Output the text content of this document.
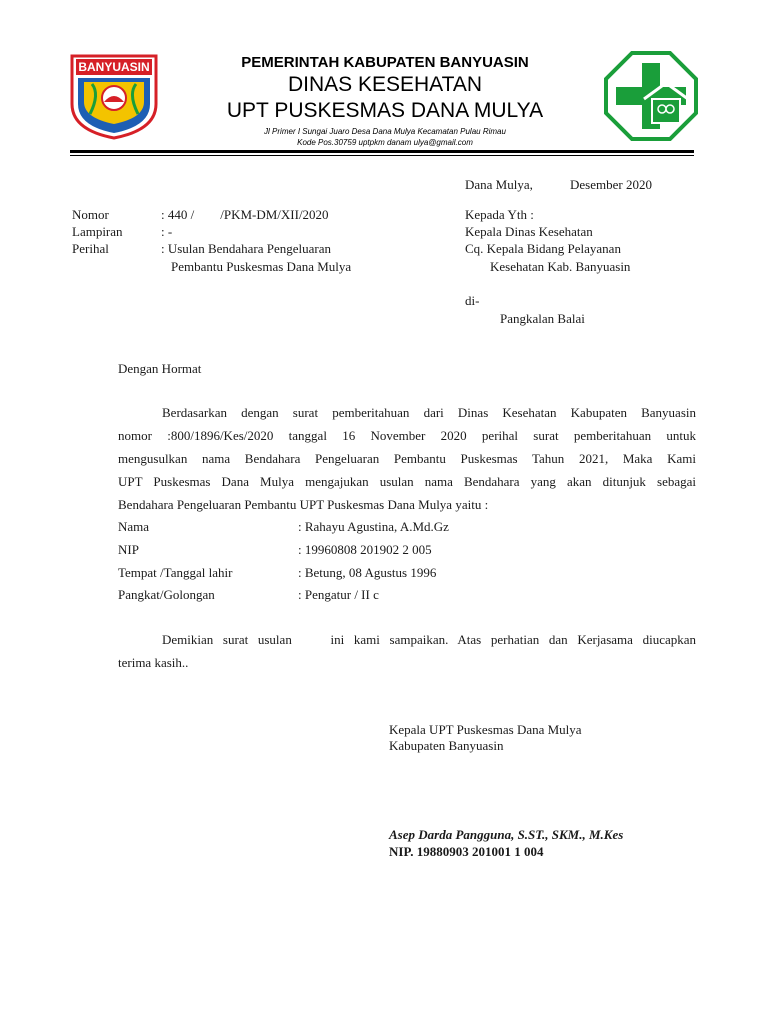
BANYUASIN	PEMERINTAH KABUPATEN BANYUASIN
DINAS KESEHATAN
UPT PUSKESMAS DANA MULYA
Jl Primer I Sungai Juaro Desa Dana Mulya Kecamatan Pulau Rimau
Kode Pos.30759 uptpkm danam ulya@gmail.com
Dana Mulya,	Desember 2020
Nomor	: 440 /        /PKM-DM/XII/2020
Lampiran	: -
Perihal	: Usulan Bendahara Pengeluaran
Pembantu Puskesmas Dana Mulya
Kepada Yth :
Kepala Dinas Kesehatan
Cq. Kepala Bidang Pelayanan
Kesehatan Kab. Banyuasin
di-
Pangkalan Balai
Dengan Hormat
Berdasarkan dengan surat pemberitahuan dari Dinas Kesehatan Kabupaten Banyuasin
nomor :800/1896/Kes/2020 tanggal 16 November 2020 perihal surat pemberitahuan untuk
mengusulkan nama Bendahara Pengeluaran Pembantu Puskesmas Tahun 2021, Maka Kami
UPT Puskesmas Dana Mulya mengajukan usulan nama Bendahara yang akan ditunjuk sebagai
Bendahara Pengeluaran Pembantu UPT Puskesmas Dana Mulya yaitu :
Nama	: Rahayu Agustina, A.Md.Gz
NIP	: 19960808 201902 2 005
Tempat /Tanggal lahir	: Betung, 08 Agustus 1996
Pangkat/Golongan	: Pengatur / II c
Demikian surat usulan    ini kami sampaikan. Atas perhatian dan Kerjasama diucapkan
terima kasih..
Kepala UPT Puskesmas Dana Mulya
Kabupaten Banyuasin
Asep Darda Pangguna, S.ST., SKM., M.Kes
NIP. 19880903 201001 1 004
